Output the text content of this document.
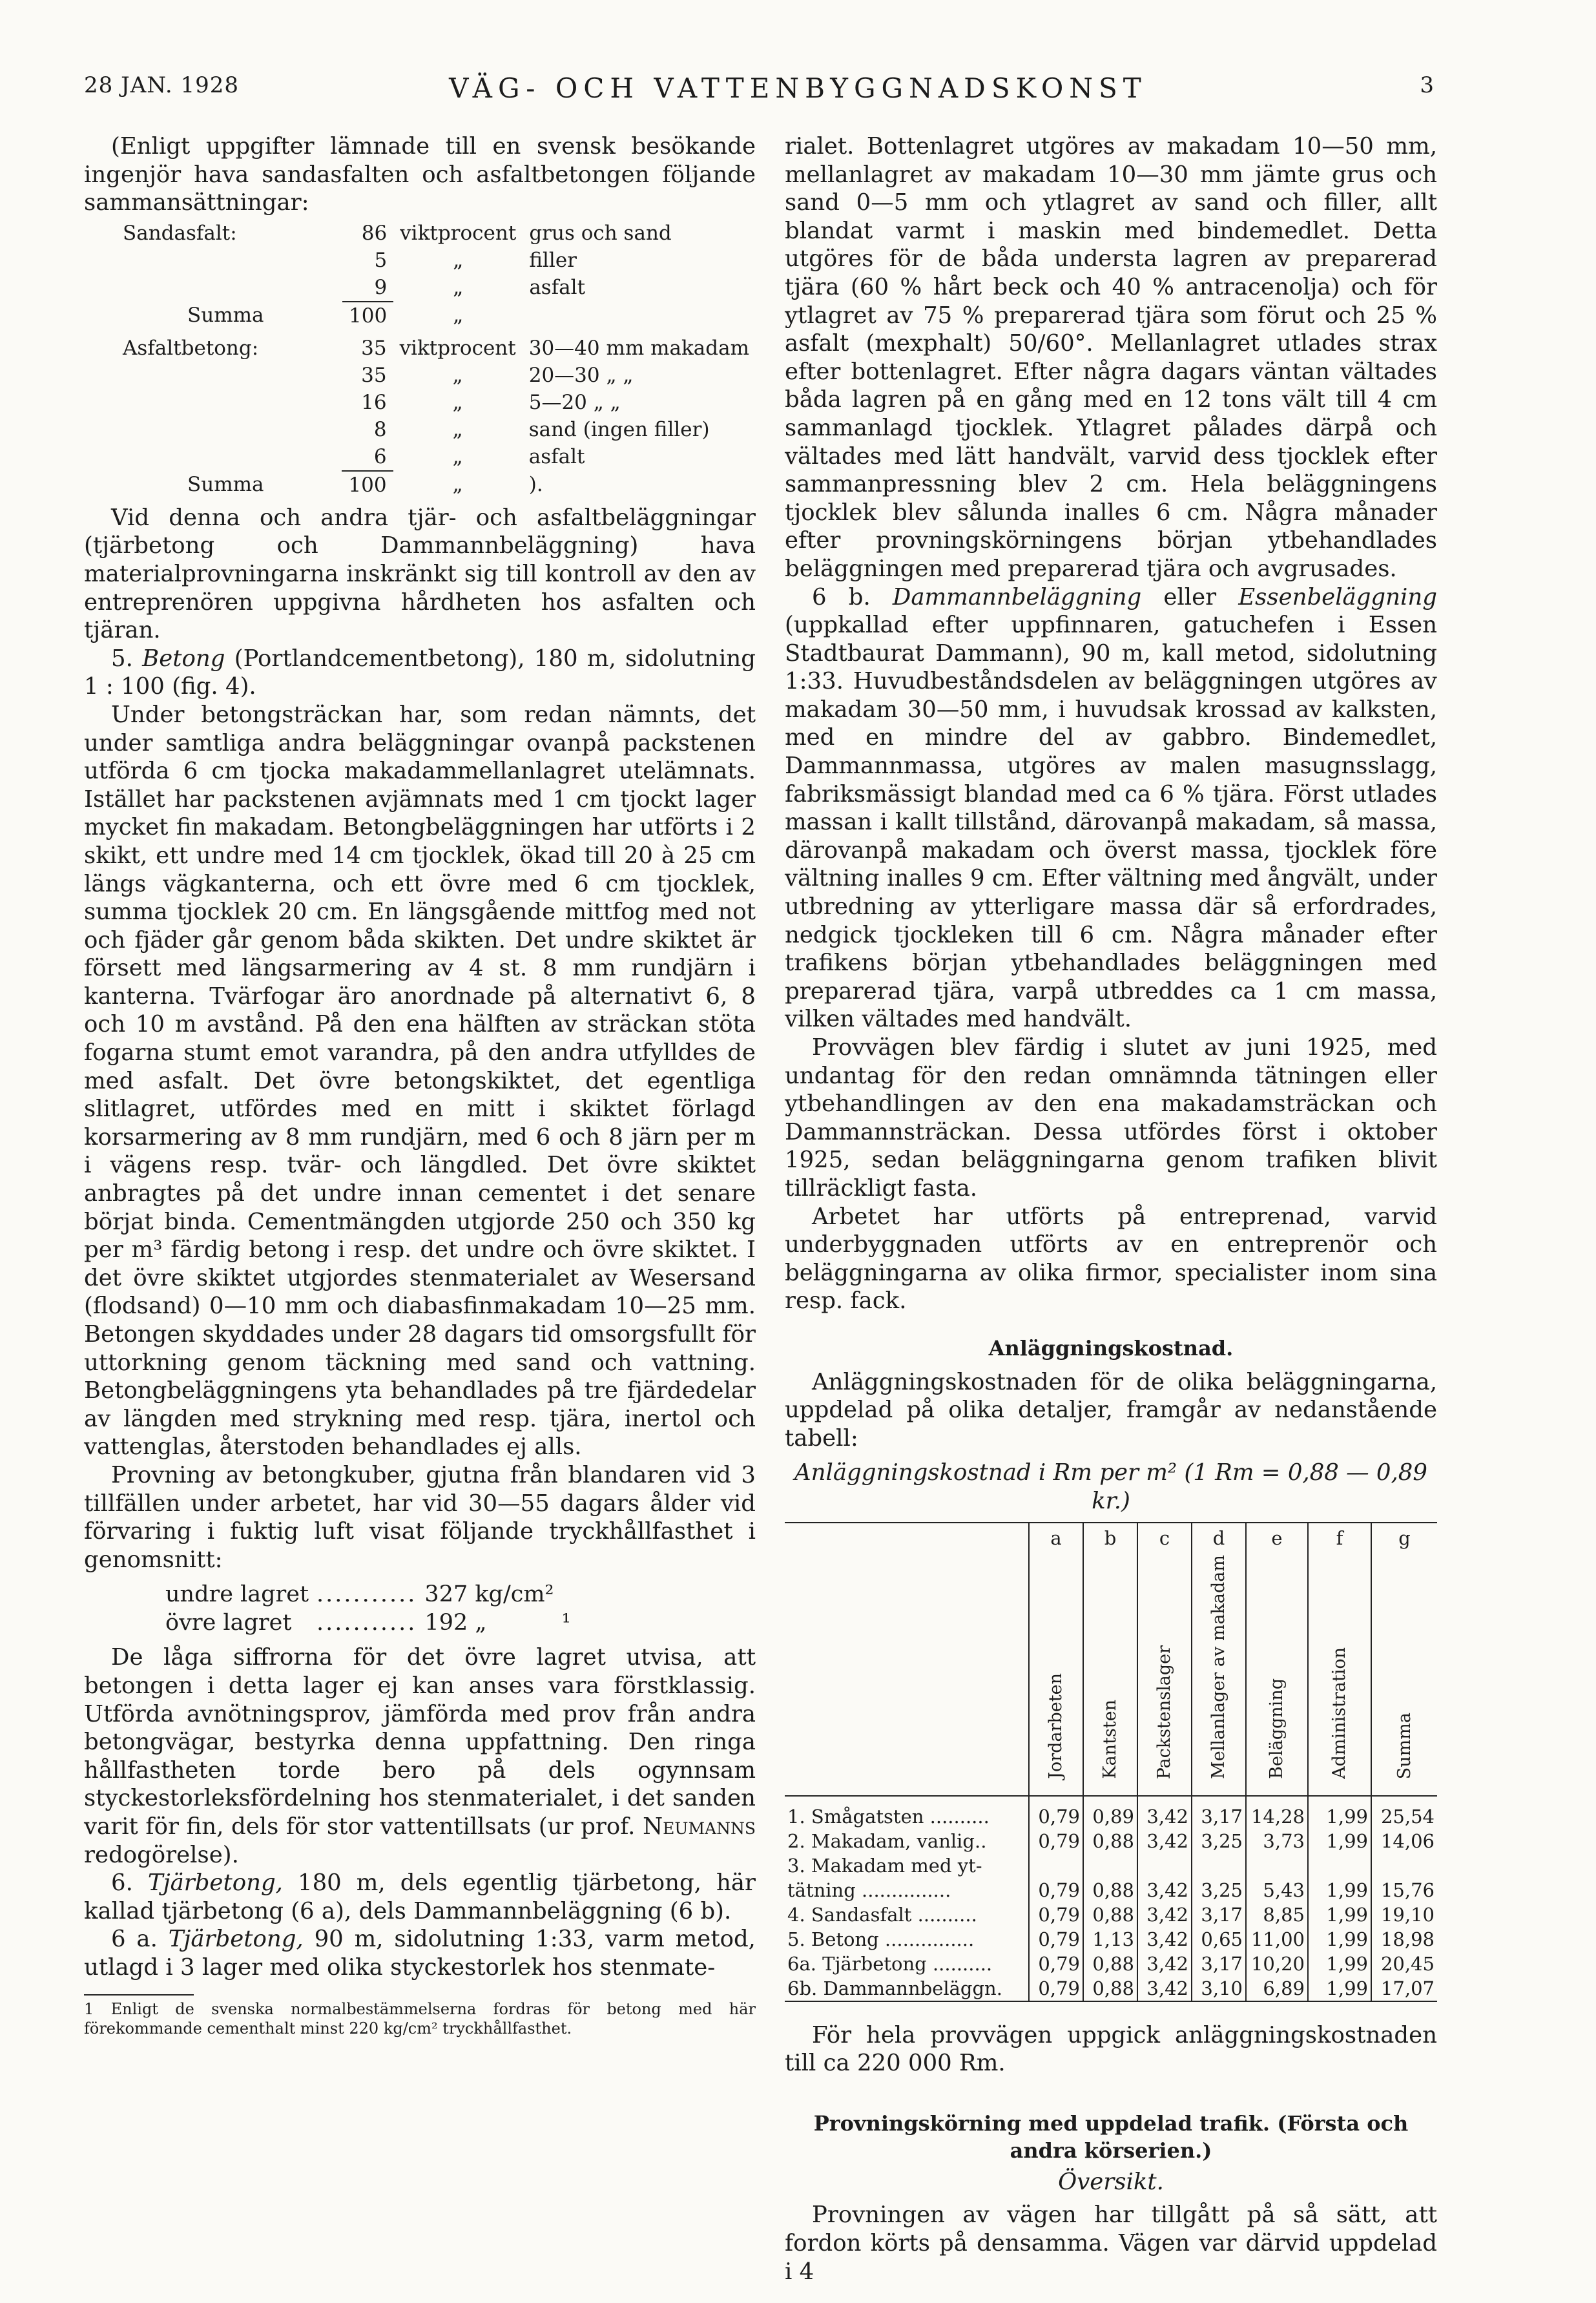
28 JAN. 1928	VÄG- OCH VATTENBYGGNADSKONST	3

(Enligt uppgifter lämnade till en svensk besökande ingenjör hava sandasfalten och asfaltbetongen följande sammansättningar:

Sandasfalt:	86	viktprocent	grus och sand
	5	„	filler
	9	„	asfalt
Summa	100	„	
Asfaltbetong:	35	viktprocent	30—40 mm makadam
	35	„	20—30 „ „
	16	„	5—20 „ „
	8	„	sand (ingen filler)
	6	„	asfalt
Summa	100	„	).

Vid denna och andra tjär- och asfaltbeläggningar (tjärbetong och Dammannbeläggning) hava materialprovningarna inskränkt sig till kontroll av den av entreprenören uppgivna hårdheten hos asfalten och tjäran.

5. Betong (Portlandcementbetong), 180 m, sidolutning 1 : 100 (fig. 4).

Under betongsträckan har, som redan nämnts, det under samtliga andra beläggningar ovanpå packstenen utförda 6 cm tjocka makadammellanlagret utelämnats. Istället har packstenen avjämnats med 1 cm tjockt lager mycket fin makadam. Betongbeläggningen har utförts i 2 skikt, ett undre med 14 cm tjocklek, ökad till 20 à 25 cm längs vägkanterna, och ett övre med 6 cm tjocklek, summa tjocklek 20 cm. En längsgående mittfog med not och fjäder går genom båda skikten. Det undre skiktet är försett med längsarmering av 4 st. 8 mm rundjärn i kanterna. Tvärfogar äro anordnade på alternativt 6, 8 och 10 m avstånd. På den ena hälften av sträckan stöta fogarna stumt emot varandra, på den andra utfylldes de med asfalt. Det övre betongskiktet, det egentliga slitlagret, utfördes med en mitt i skiktet förlagd korsarmering av 8 mm rundjärn, med 6 och 8 järn per m i vägens resp. tvär- och längdled. Det övre skiktet anbragtes på det undre innan cementet i det senare börjat binda. Cementmängden utgjorde 250 och 350 kg per m³ färdig betong i resp. det undre och övre skiktet. I det övre skiktet utgjordes stenmaterialet av Wesersand (flodsand) 0—10 mm och diabasfinmakadam 10—25 mm. Betongen skyddades under 28 dagars tid omsorgsfullt för uttorkning genom täckning med sand och vattning. Betongbeläggningens yta behandlades på tre fjärdedelar av längden med strykning med resp. tjära, inertol och vattenglas, återstoden behandlades ej alls.

Provning av betongkuber, gjutna från blandaren vid 3 tillfällen under arbetet, har vid 30—55 dagars ålder vid förvaring i fuktig luft visat följande tryckhållfasthet i genomsnitt:

undre lagret	...........	327 kg/cm²	
övre lagret	...........	192 „	¹

De låga siffrorna för det övre lagret utvisa, att betongen i detta lager ej kan anses vara förstklassig. Utförda avnötningsprov, jämförda med prov från andra betongvägar, bestyrka denna uppfattning. Den ringa hållfastheten torde bero på dels ogynnsam styckestorleksfördelning hos stenmaterialet, i det sanden varit för fin, dels för stor vattentillsats (ur prof. Neumanns redogörelse).

6. Tjärbetong, 180 m, dels egentlig tjärbetong, här kallad tjärbetong (6 a), dels Dammannbeläggning (6 b).

6 a. Tjärbetong, 90 m, sidolutning 1:33, varm metod, utlagd i 3 lager med olika styckestorlek hos stenmate-

1 Enligt de svenska normalbestämmelserna fordras för betong med här förekommande cementhalt minst 220 kg/cm² tryckhållfasthet.

rialet. Bottenlagret utgöres av makadam 10—50 mm, mellanlagret av makadam 10—30 mm jämte grus och sand 0—5 mm och ytlagret av sand och filler, allt blandat varmt i maskin med bindemedlet. Detta utgöres för de båda understa lagren av preparerad tjära (60 % hårt beck och 40 % antracenolja) och för ytlagret av 75 % preparerad tjära som förut och 25 % asfalt (mexphalt) 50/60°. Mellanlagret utlades strax efter bottenlagret. Efter några dagars väntan vältades båda lagren på en gång med en 12 tons vält till 4 cm sammanlagd tjocklek. Ytlagret pålades därpå och vältades med lätt handvält, varvid dess tjocklek efter sammanpressning blev 2 cm. Hela beläggningens tjocklek blev sålunda inalles 6 cm. Några månader efter provningskörningens början ytbehandlades beläggningen med preparerad tjära och avgrusades.

6 b. Dammannbeläggning eller Essenbeläggning (uppkallad efter uppfinnaren, gatuchefen i Essen Stadtbaurat Dammann), 90 m, kall metod, sidolutning 1:33. Huvudbeståndsdelen av beläggningen utgöres av makadam 30—50 mm, i huvudsak krossad av kalksten, med en mindre del av gabbro. Bindemedlet, Dammannmassa, utgöres av malen masugnsslagg, fabriksmässigt blandad med ca 6 % tjära. Först utlades massan i kallt tillstånd, därovanpå makadam, så massa, därovanpå makadam och överst massa, tjocklek före vältning inalles 9 cm. Efter vältning med ångvält, under utbredning av ytterligare massa där så erfordrades, nedgick tjockleken till 6 cm. Några månader efter trafikens början ytbehandlades beläggningen med preparerad tjära, varpå utbreddes ca 1 cm massa, vilken vältades med handvält.

Provvägen blev färdig i slutet av juni 1925, med undantag för den redan omnämnda tätningen eller ytbehandlingen av den ena makadamsträckan och Dammannsträckan. Dessa utfördes först i oktober 1925, sedan beläggningarna genom trafiken blivit tillräckligt fasta.

Arbetet har utförts på entreprenad, varvid underbyggnaden utförts av en entreprenör och beläggningarna av olika firmor, specialister inom sina resp. fack.

Anläggningskostnad.

Anläggningskostnaden för de olika beläggningarna, uppdelad på olika detaljer, framgår av nedanstående tabell:

Anläggningskostnad i Rm per m² (1 Rm = 0,88 — 0,89 kr.)

	a	b	c	d	e	f	g
	Jordarbeten	Kantsten	Packstenslager	Mellanlager av makadam	Beläggning	Administration	Summa
1. Smågatsten ..........	0,79	0,89	3,42	3,17	14,28	1,99	25,54
2. Makadam, vanlig..	0,79	0,88	3,42	3,25	3,73	1,99	14,06
3. Makadam med yt-							
tätning ...............	0,79	0,88	3,42	3,25	5,43	1,99	15,76
4. Sandasfalt ..........	0,79	0,88	3,42	3,17	8,85	1,99	19,10
5. Betong ...............	0,79	1,13	3,42	0,65	11,00	1,99	18,98
6a. Tjärbetong ..........	0,79	0,88	3,42	3,17	10,20	1,99	20,45
6b. Dammannbeläggn.	0,79	0,88	3,42	3,10	6,89	1,99	17,07

För hela provvägen uppgick anläggningskostnaden till ca 220 000 Rm.

Provningskörning med uppdelad trafik. (Första och andra körserien.)

Översikt.

Provningen av vägen har tillgått på så sätt, att fordon körts på densamma. Vägen var därvid uppdelad i 4
